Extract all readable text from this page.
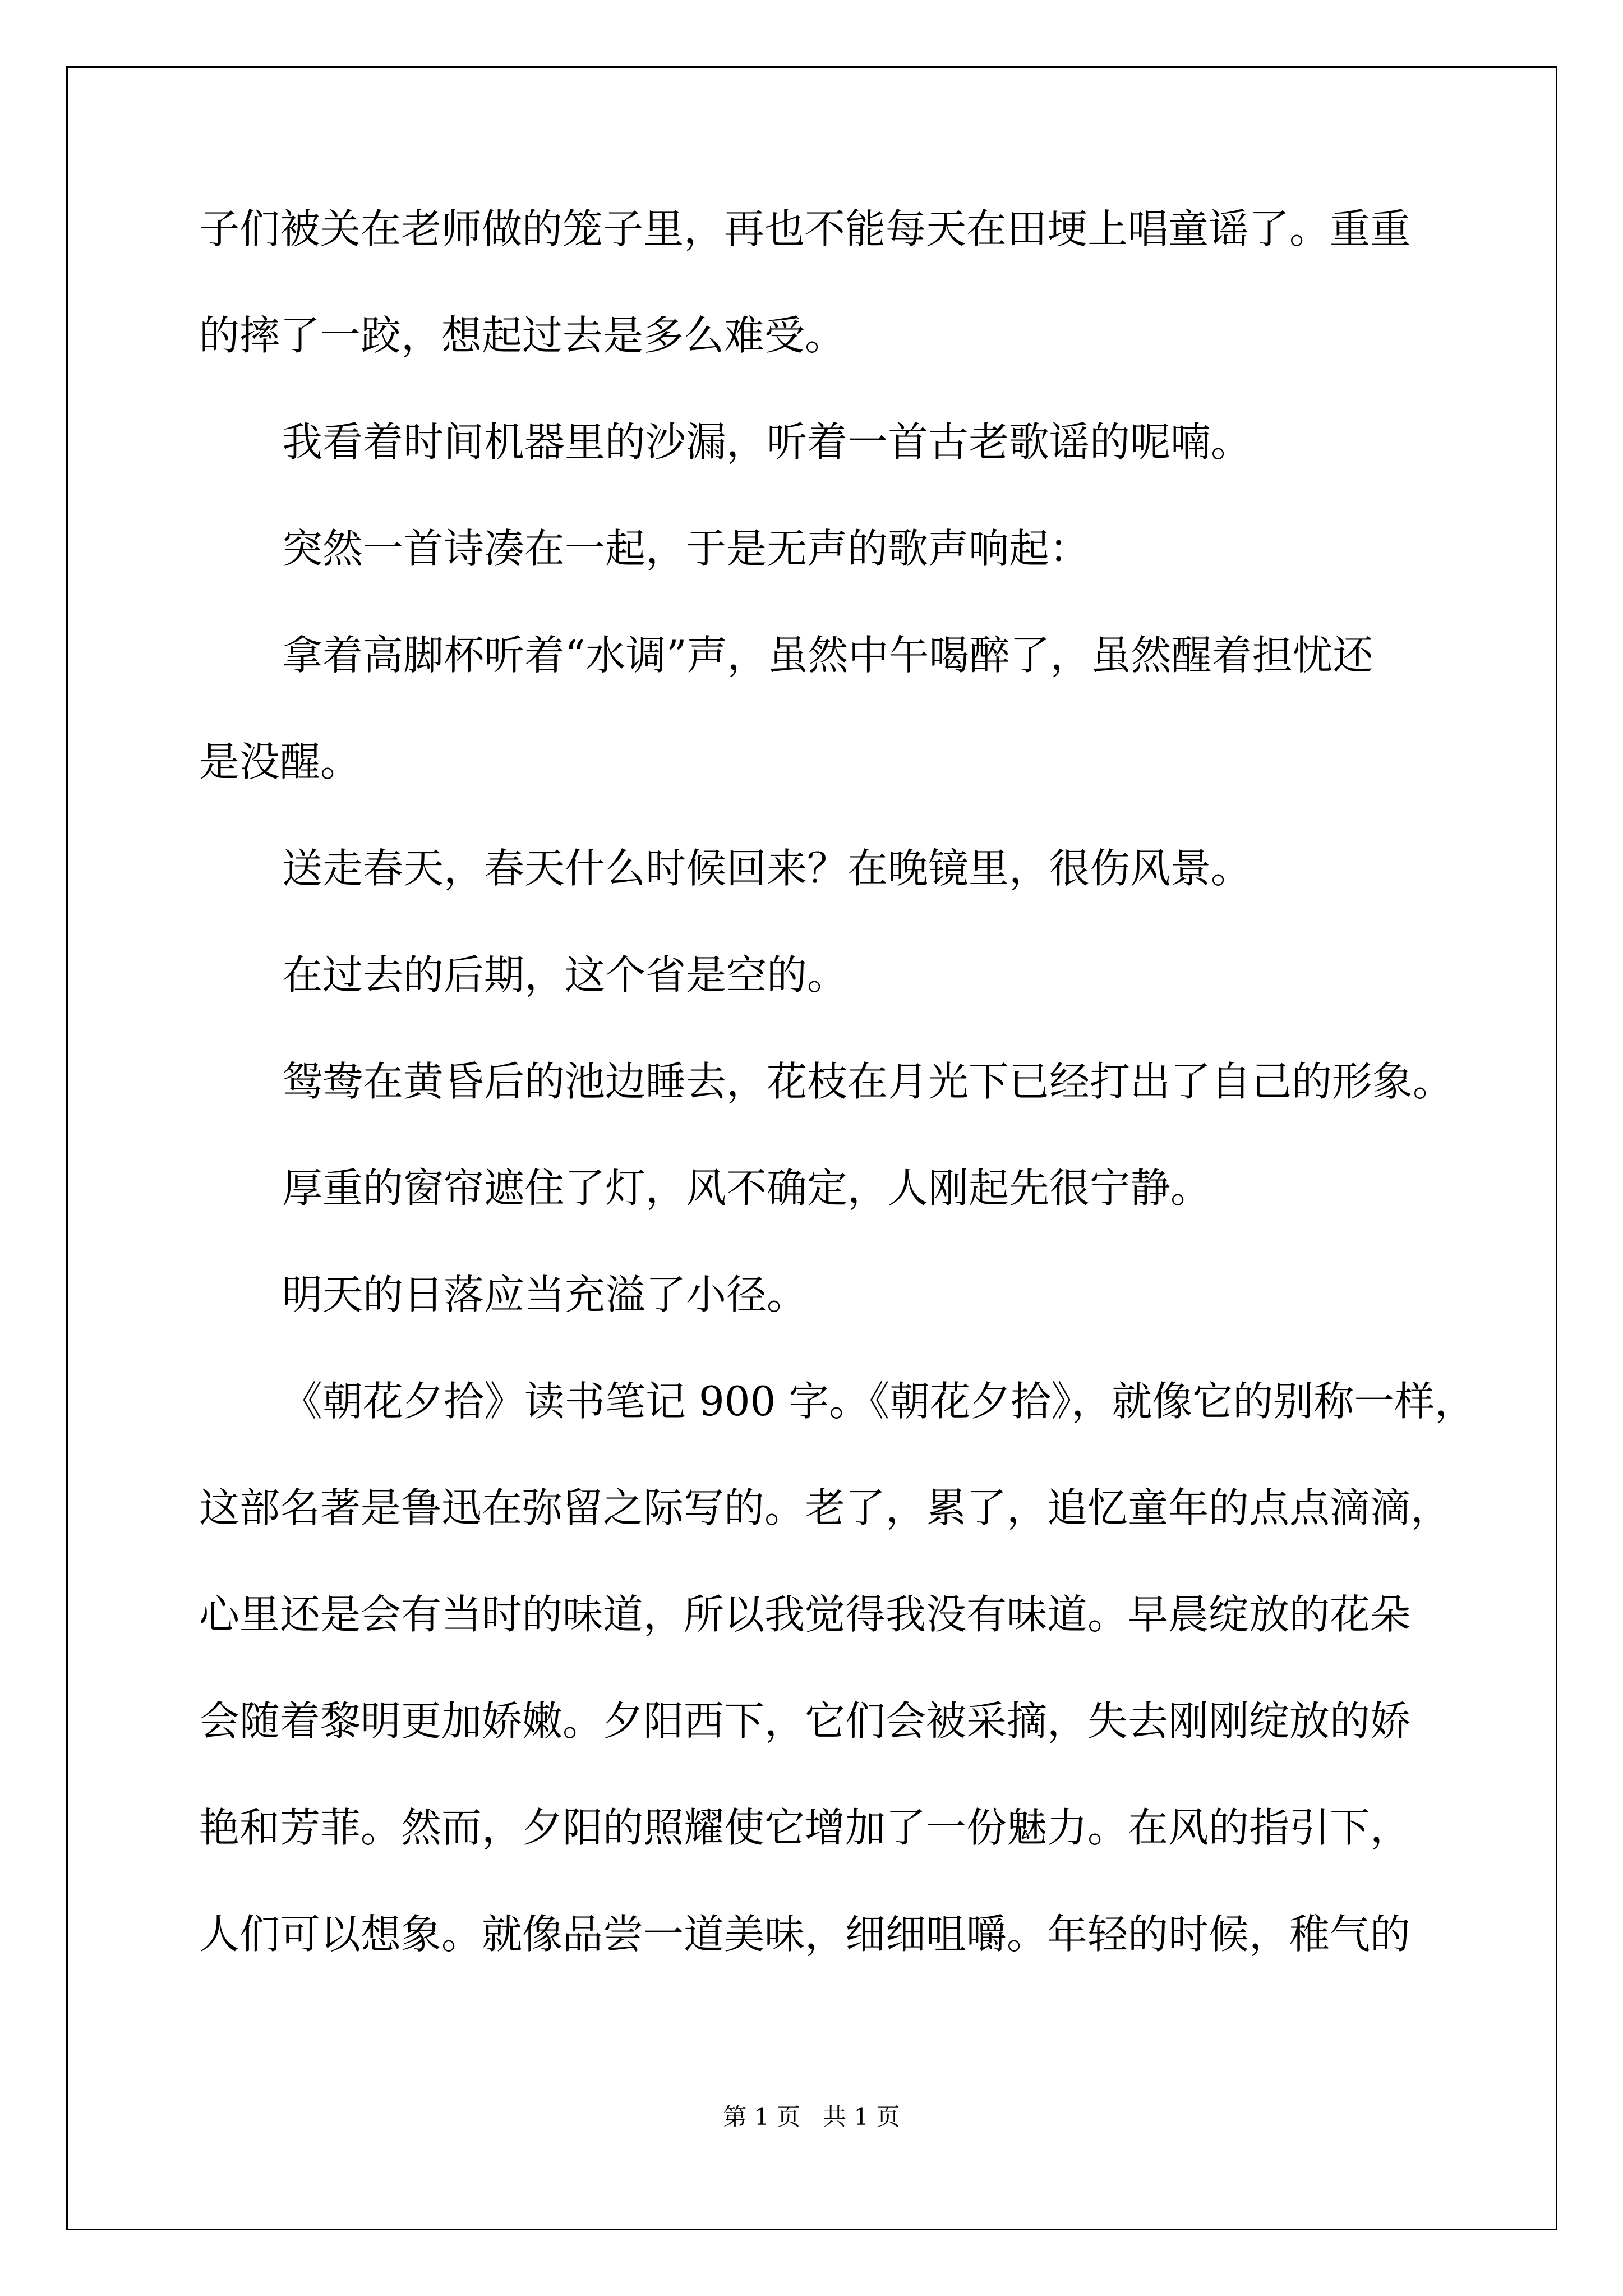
子们被关在老师做的笼子里，再也不能每天在田埂上唱童谣了。重重
的摔了一跤，想起过去是多么难受。
我看着时间机器里的沙漏，听着一首古老歌谣的呢喃。
突然一首诗凑在一起，于是无声的歌声响起：
拿着高脚杯听着“水调”声，虽然中午喝醉了，虽然醒着担忧还
是没醒。
送走春天，春天什么时候回来？在晚镜里，很伤风景。
在过去的后期，这个省是空的。
鸳鸯在黄昏后的池边睡去，花枝在月光下已经打出了自己的形象。
厚重的窗帘遮住了灯，风不确定，人刚起先很宁静。
明天的日落应当充溢了小径。
《朝花夕拾》读书笔记 900 字。《朝花夕拾》，就像它的别称一样，
这部名著是鲁迅在弥留之际写的。老了，累了，追忆童年的点点滴滴，
心里还是会有当时的味道，所以我觉得我没有味道。早晨绽放的花朵
会随着黎明更加娇嫩。夕阳西下，它们会被采摘，失去刚刚绽放的娇
艳和芳菲。然而，夕阳的照耀使它增加了一份魅力。在风的指引下，
人们可以想象。就像品尝一道美味，细细咀嚼。年轻的时候，稚气的
第 1 页   共 1 页
